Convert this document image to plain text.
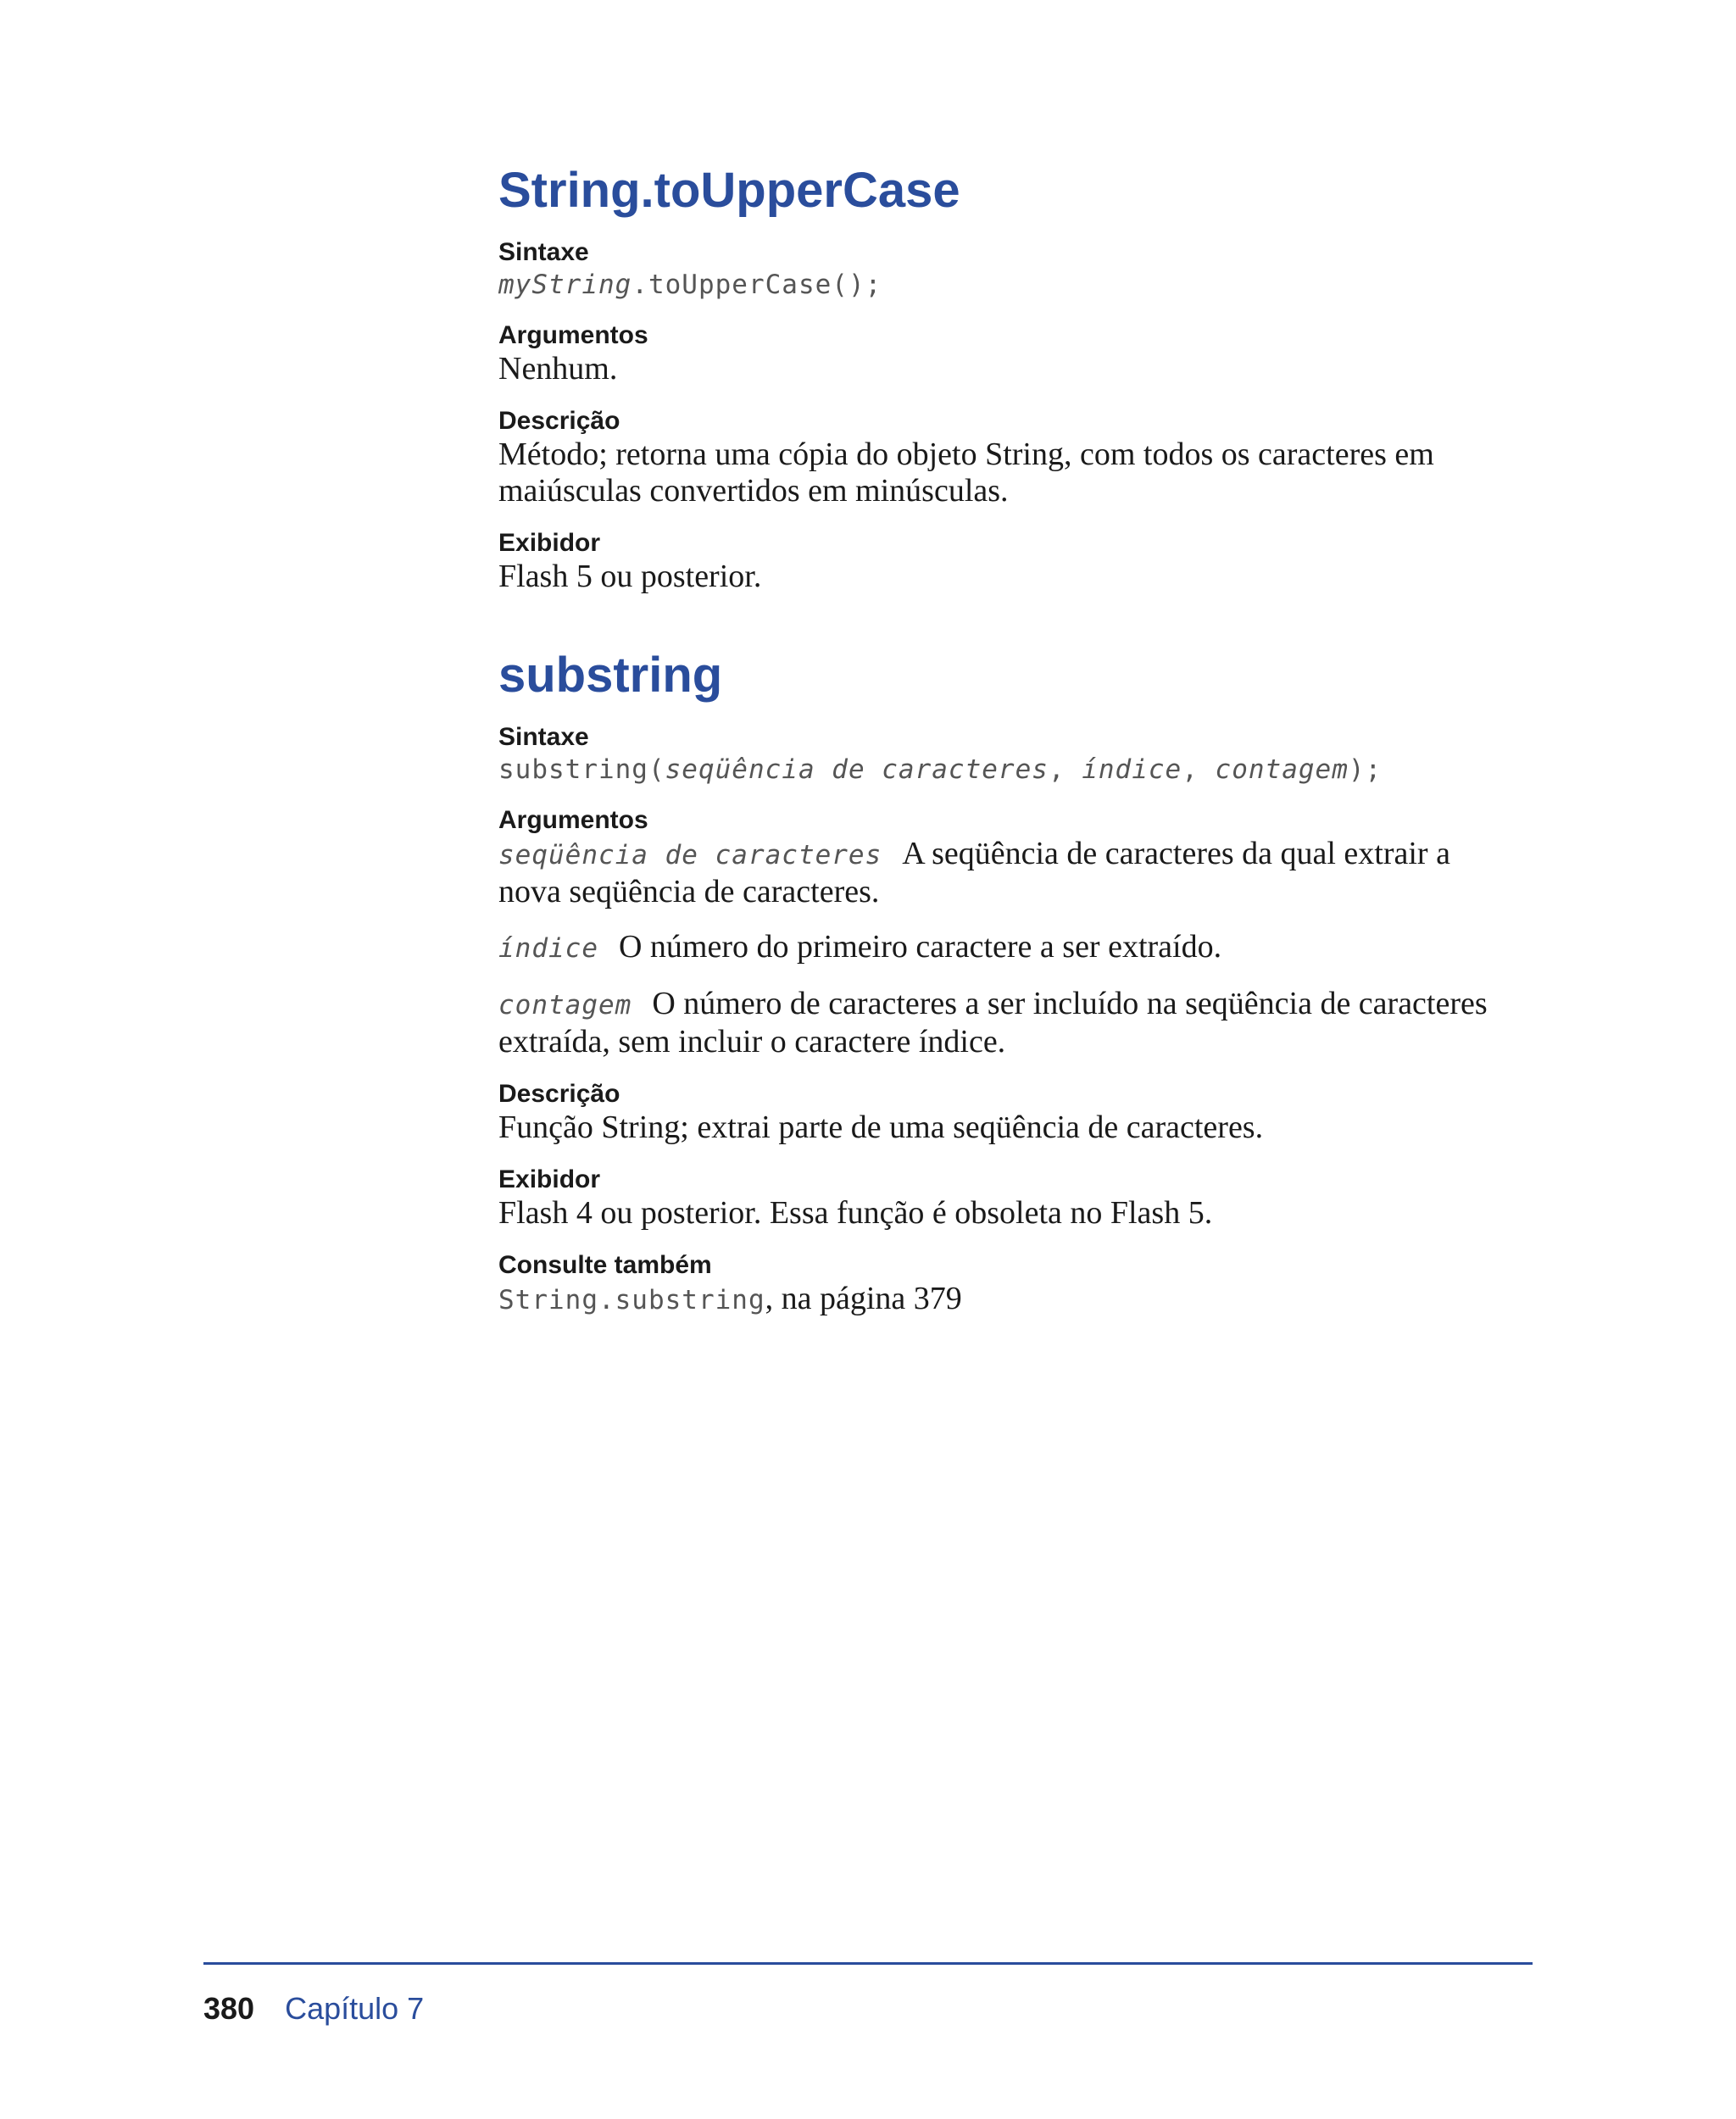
String.toUpperCase
Sintaxe
myString.toUpperCase();
Argumentos
Nenhum.
Descrição
Método; retorna uma cópia do objeto String, com todos os caracteres em maiúsculas convertidos em minúsculas.
Exibidor
Flash 5 ou posterior.
substring
Sintaxe
substring(seqüência de caracteres, índice, contagem);
Argumentos
seqüência de caracteres A seqüência de caracteres da qual extrair a nova seqüência de caracteres.
índice O número do primeiro caractere a ser extraído.
contagem O número de caracteres a ser incluído na seqüência de caracteres extraída, sem incluir o caractere índice.
Descrição
Função String; extrai parte de uma seqüência de caracteres.
Exibidor
Flash 4 ou posterior. Essa função é obsoleta no Flash 5.
Consulte também
String.substring, na página 379
380 Capítulo 7
